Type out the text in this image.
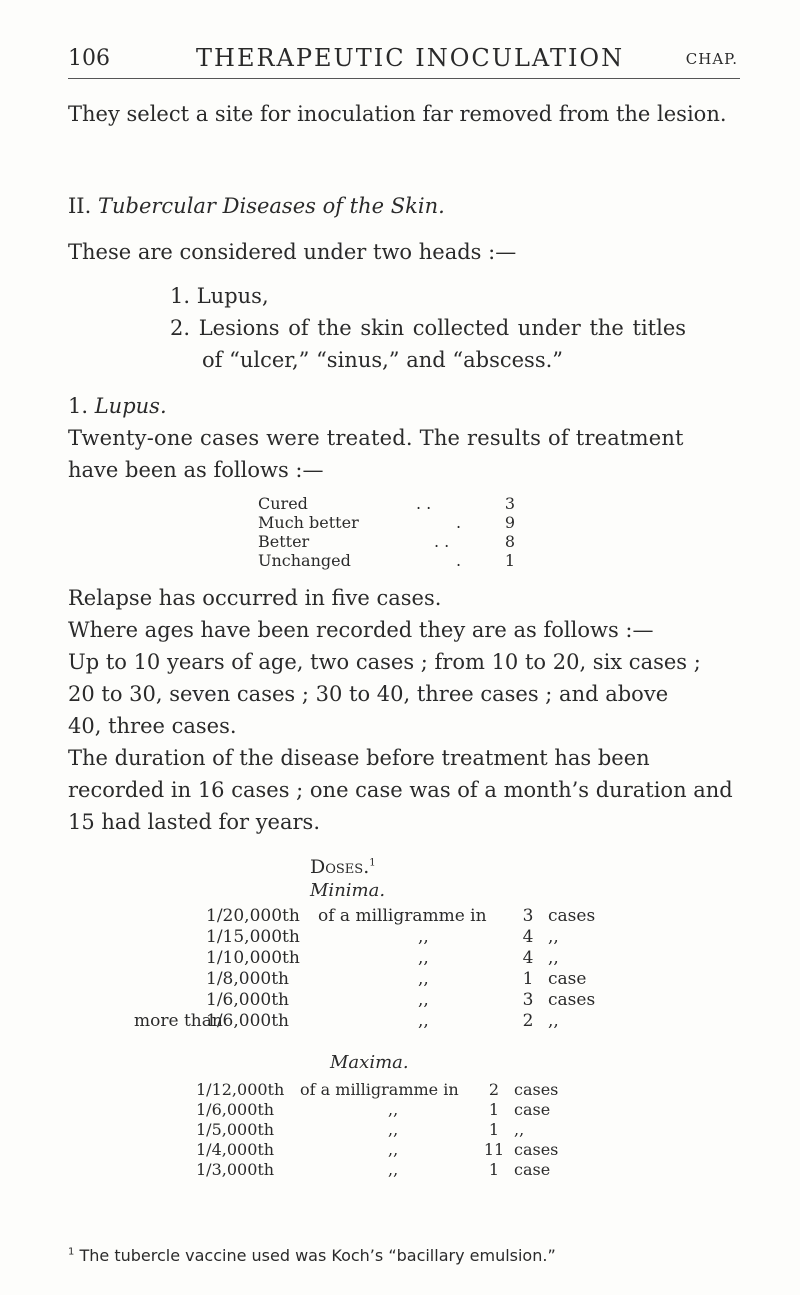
106	THERAPEUTIC INOCULATION	CHAP.

They select a site for inoculation far removed from the lesion.

II. Tubercular Diseases of the Skin.

These are considered under two heads :—

1. Lupus,
2. Lesions of the skin collected under the titles
of “ulcer,” “sinus,” and “abscess.”

1. Lupus.

Twenty-one cases were treated. The results of treatment

have been as follows :—

Cured	. .	3
Much better	.	9
Better	. .	8
Unchanged	.	1

Relapse has occurred in five cases.

Where ages have been recorded they are as follows :—

Up to 10 years of age, two cases ; from 10 to 20, six cases ;

20 to 30, seven cases ; 30 to 40, three cases ; and above

40, three cases.

The duration of the disease before treatment has been

recorded in 16 cases ; one case was of a month’s duration and

15 had lasted for years.

Doses.$^1$
Minima.
1/20,000th of a milligramme in 3 cases
1/15,000th	,,	4 ,,
1/10,000th	,,	4 ,,
1/8,000th	,,	1 case
1/6,000th	,,	3 cases
more than
1/6,000th	,,	2 ,,
Maxima.
1/12,000th of a milligramme in	2 cases
1/6,000th	,,	1 case
1/5,000th	,,	1 ,,
1/4,000th	,,	11 cases
1/3,000th	,,	1 case
$^1$ The tubercle vaccine used was Koch’s “bacillary emulsion.”
